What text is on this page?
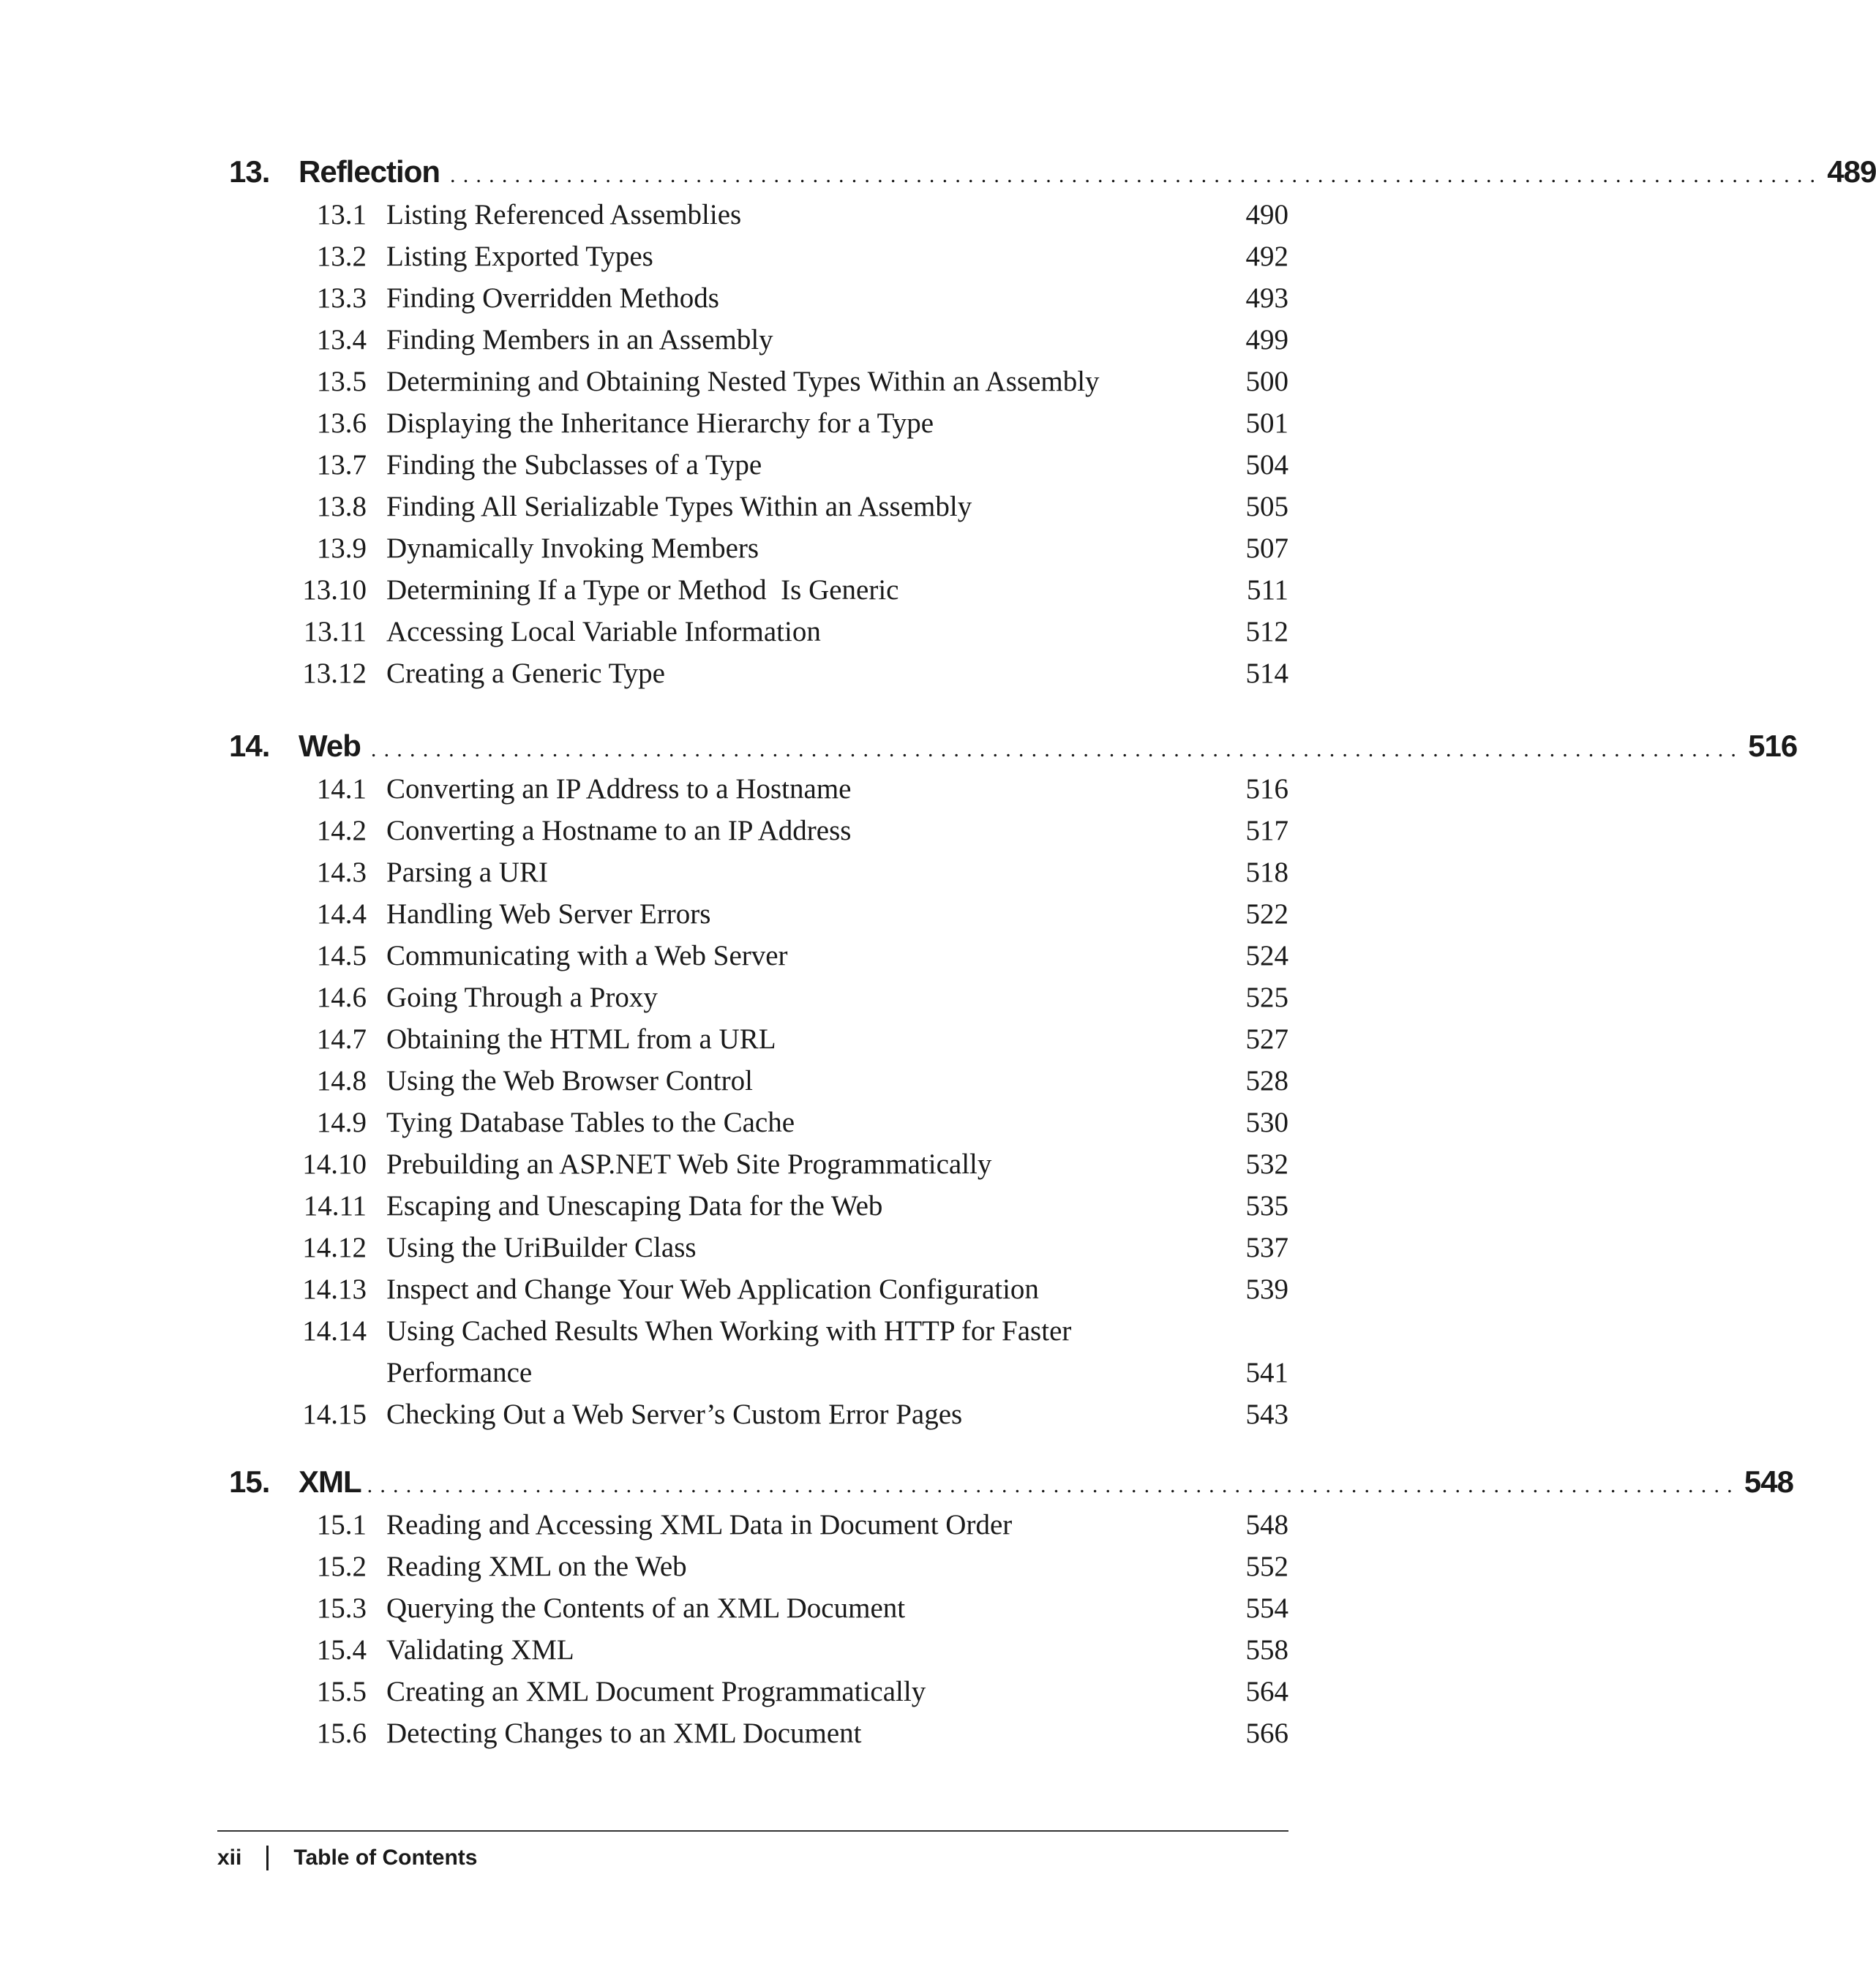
13. Reflection .......................................................................................................... 489
13.1 Listing Referenced Assemblies	490
13.2 Listing Exported Types	492
13.3 Finding Overridden Methods	493
13.4 Finding Members in an Assembly	499
13.5 Determining and Obtaining Nested Types Within an Assembly	500
13.6 Displaying the Inheritance Hierarchy for a Type	501
13.7 Finding the Subclasses of a Type	504
13.8 Finding All Serializable Types Within an Assembly	505
13.9 Dynamically Invoking Members	507
13.10 Determining If a Type or Method  Is Generic	511
13.11 Accessing Local Variable Information	512
13.12 Creating a Generic Type	514
14. Web .......................................................................................................... 516
14.1 Converting an IP Address to a Hostname	516
14.2 Converting a Hostname to an IP Address	517
14.3 Parsing a URI	518
14.4 Handling Web Server Errors	522
14.5 Communicating with a Web Server	524
14.6 Going Through a Proxy	525
14.7 Obtaining the HTML from a URL	527
14.8 Using the Web Browser Control	528
14.9 Tying Database Tables to the Cache	530
14.10 Prebuilding an ASP.NET Web Site Programmatically	532
14.11 Escaping and Unescaping Data for the Web	535
14.12 Using the UriBuilder Class	537
14.13 Inspect and Change Your Web Application Configuration	539
14.14 Using Cached Results When Working with HTTP for Faster Performance	541
14.15 Checking Out a Web Server’s Custom Error Pages	543
15. XML .......................................................................................................... 548
15.1 Reading and Accessing XML Data in Document Order	548
15.2 Reading XML on the Web	552
15.3 Querying the Contents of an XML Document	554
15.4 Validating XML	558
15.5 Creating an XML Document Programmatically	564
15.6 Detecting Changes to an XML Document	566
xii Table of Contents
